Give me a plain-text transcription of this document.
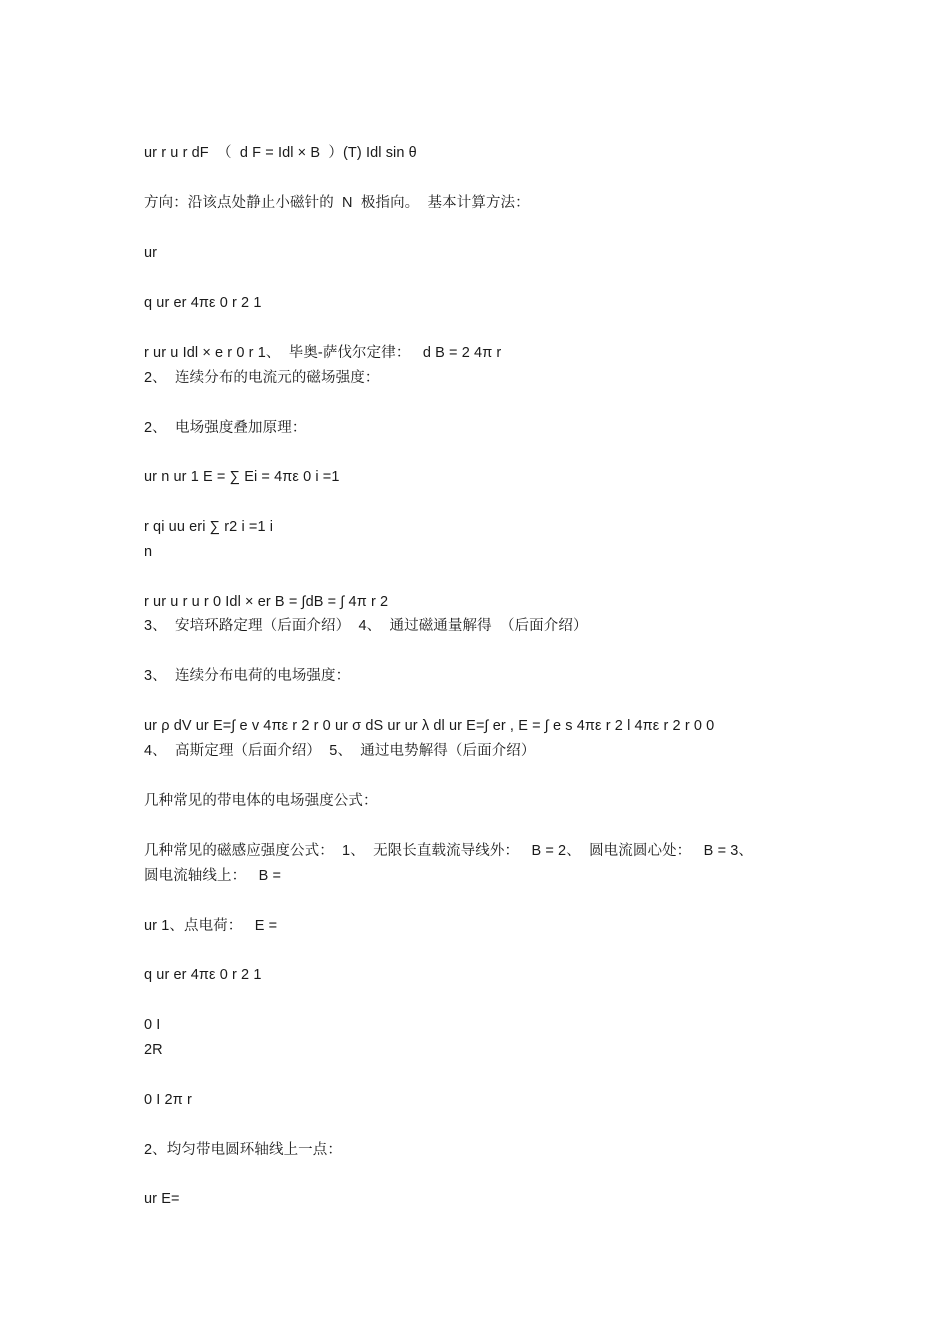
ur r u r dF  （  d F = Idl × B  ）(T) Idl sin θ
方向：沿该点处静止小磁针的  N  极指向。  基本计算方法：
ur
q ur er 4πε 0 r 2 1
r ur u Idl × e r 0 r 1、  毕奥-萨伐尔定律：   d B = 2 4π r
2、  连续分布的电流元的磁场强度：
2、  电场强度叠加原理：
ur n ur 1 E = ∑ Ei = 4πε 0 i =1
r qi uu eri ∑ r2 i =1 i
n
r ur u r u r 0 Idl × er B = ∫dB = ∫ 4π r 2
3、  安培环路定理（后面介绍）  4、  通过磁通量解得  （后面介绍）
3、  连续分布电荷的电场强度：
ur ρ dV ur E=∫ e v 4πε r 2 r 0 ur σ dS ur ur λ dl ur E=∫ er , E = ∫ e s 4πε r 2 l 4πε r 2 r 0 0
4、  高斯定理（后面介绍）  5、  通过电势解得（后面介绍）
几种常见的带电体的电场强度公式：
几种常见的磁感应强度公式：  1、  无限长直载流导线外：   B = 2、  圆电流圆心处：   B = 3、
圆电流轴线上：   B =
ur 1、点电荷：   E =
q ur er 4πε 0 r 2 1
0 I
2R
0 I 2π r
2、均匀带电圆环轴线上一点：
ur E=
